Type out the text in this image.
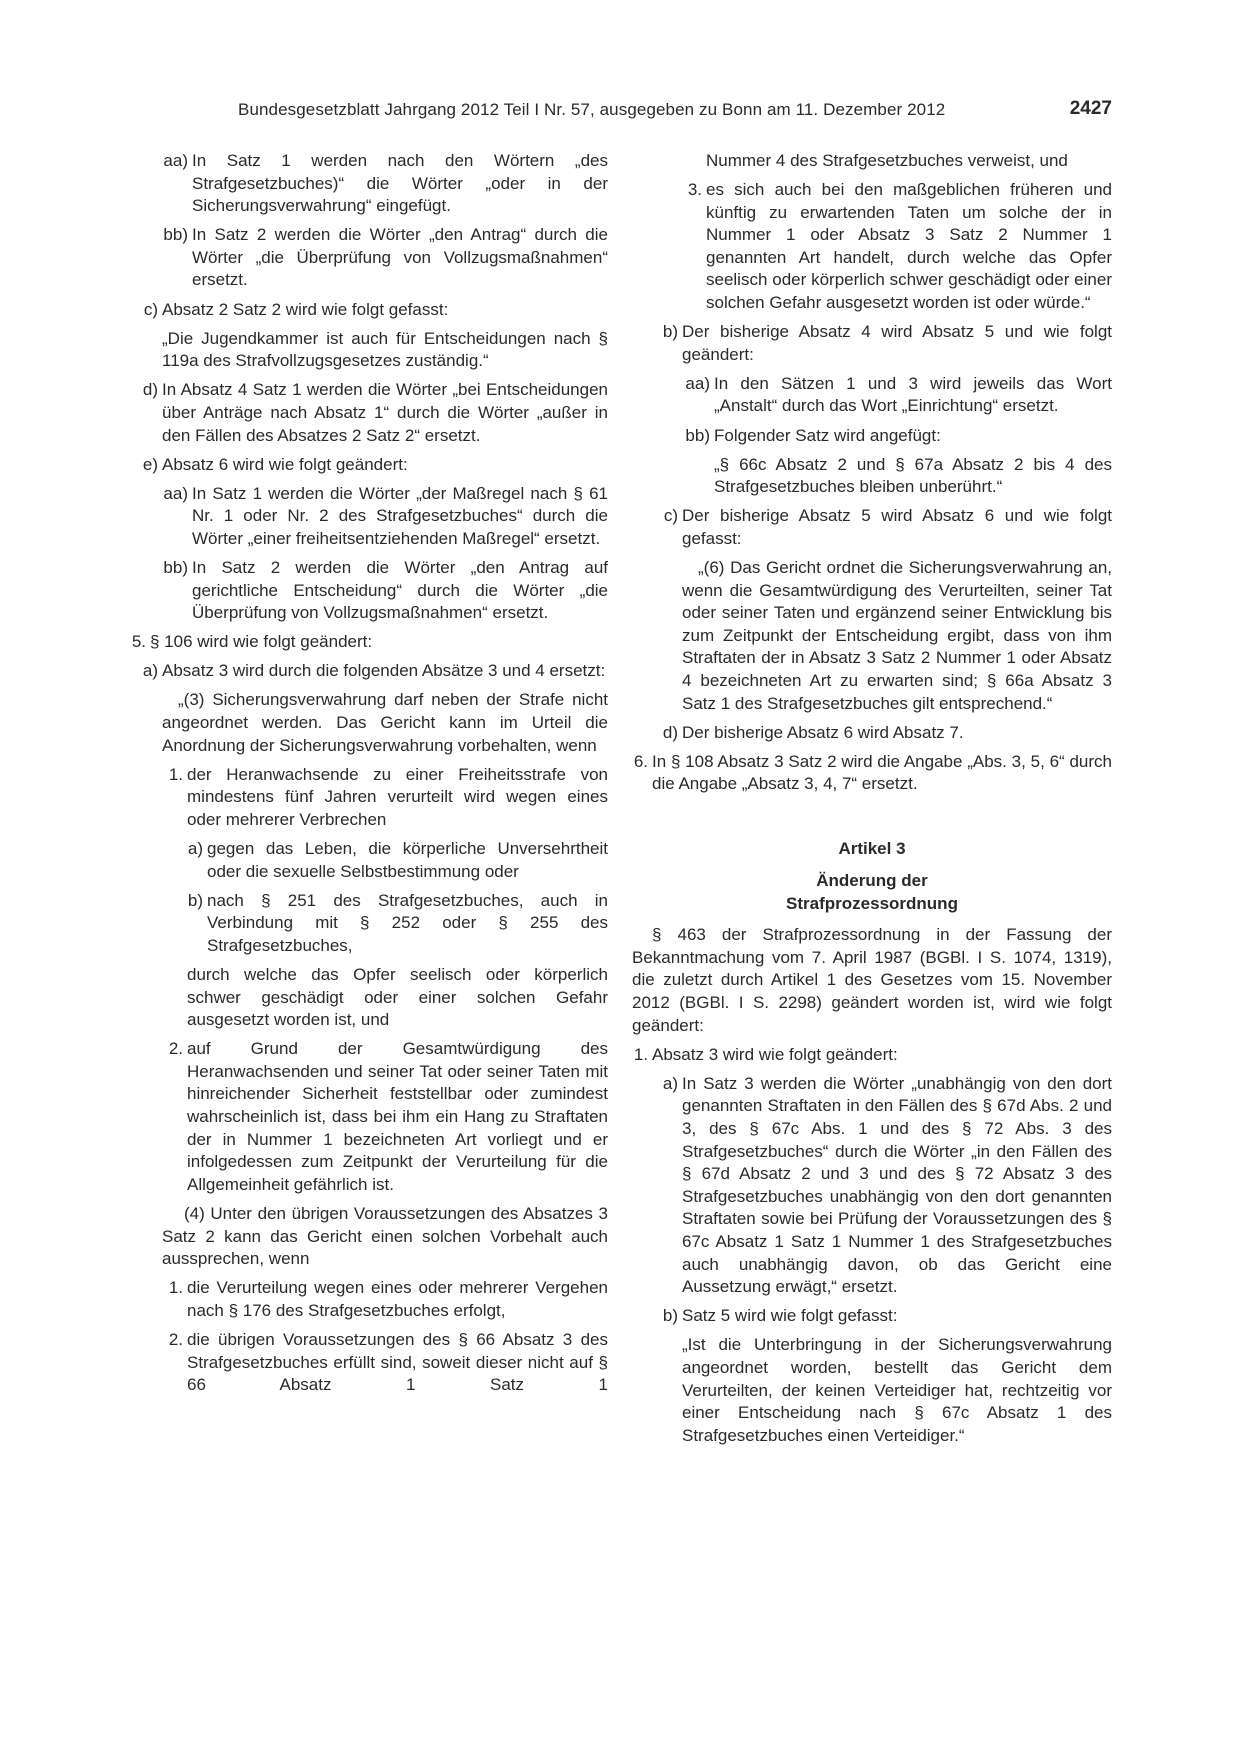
Bundesgesetzblatt Jahrgang 2012 Teil I Nr. 57, ausgegeben zu Bonn am 11. Dezember 2012	2427
aa) In Satz 1 werden nach den Wörtern „des Strafgesetzbuches)“ die Wörter „oder in der Sicherungsverwahrung“ eingefügt.
bb) In Satz 2 werden die Wörter „den Antrag“ durch die Wörter „die Überprüfung von Vollzugsmaßnahmen“ ersetzt.
c) Absatz 2 Satz 2 wird wie folgt gefasst:
„Die Jugendkammer ist auch für Entscheidungen nach § 119a des Strafvollzugsgesetzes zuständig.“
d) In Absatz 4 Satz 1 werden die Wörter „bei Entscheidungen über Anträge nach Absatz 1“ durch die Wörter „außer in den Fällen des Absatzes 2 Satz 2“ ersetzt.
e) Absatz 6 wird wie folgt geändert:
aa) In Satz 1 werden die Wörter „der Maßregel nach § 61 Nr. 1 oder Nr. 2 des Strafgesetzbuches“ durch die Wörter „einer freiheitsentziehenden Maßregel“ ersetzt.
bb) In Satz 2 werden die Wörter „den Antrag auf gerichtliche Entscheidung“ durch die Wörter „die Überprüfung von Vollzugsmaßnahmen“ ersetzt.
5. § 106 wird wie folgt geändert:
a) Absatz 3 wird durch die folgenden Absätze 3 und 4 ersetzt:
„(3) Sicherungsverwahrung darf neben der Strafe nicht angeordnet werden. Das Gericht kann im Urteil die Anordnung der Sicherungsverwahrung vorbehalten, wenn
1. der Heranwachsende zu einer Freiheitsstrafe von mindestens fünf Jahren verurteilt wird wegen eines oder mehrerer Verbrechen
a) gegen das Leben, die körperliche Unversehrtheit oder die sexuelle Selbstbestimmung oder
b) nach § 251 des Strafgesetzbuches, auch in Verbindung mit § 252 oder § 255 des Strafgesetzbuches,
durch welche das Opfer seelisch oder körperlich schwer geschädigt oder einer solchen Gefahr ausgesetzt worden ist, und
2. auf Grund der Gesamtwürdigung des Heranwachsenden und seiner Tat oder seiner Taten mit hinreichender Sicherheit feststellbar oder zumindest wahrscheinlich ist, dass bei ihm ein Hang zu Straftaten der in Nummer 1 bezeichneten Art vorliegt und er infolgedessen zum Zeitpunkt der Verurteilung für die Allgemeinheit gefährlich ist.
(4) Unter den übrigen Voraussetzungen des Absatzes 3 Satz 2 kann das Gericht einen solchen Vorbehalt auch aussprechen, wenn
1. die Verurteilung wegen eines oder mehrerer Vergehen nach § 176 des Strafgesetzbuches erfolgt,
2. die übrigen Voraussetzungen des § 66 Absatz 3 des Strafgesetzbuches erfüllt sind, soweit dieser nicht auf § 66 Absatz 1 Satz 1
Nummer 4 des Strafgesetzbuches verweist, und
3. es sich auch bei den maßgeblichen früheren und künftig zu erwartenden Taten um solche der in Nummer 1 oder Absatz 3 Satz 2 Nummer 1 genannten Art handelt, durch welche das Opfer seelisch oder körperlich schwer geschädigt oder einer solchen Gefahr ausgesetzt worden ist oder würde.“
b) Der bisherige Absatz 4 wird Absatz 5 und wie folgt geändert:
aa) In den Sätzen 1 und 3 wird jeweils das Wort „Anstalt“ durch das Wort „Einrichtung“ ersetzt.
bb) Folgender Satz wird angefügt:
„§ 66c Absatz 2 und § 67a Absatz 2 bis 4 des Strafgesetzbuches bleiben unberührt.“
c) Der bisherige Absatz 5 wird Absatz 6 und wie folgt gefasst:
„(6) Das Gericht ordnet die Sicherungsverwahrung an, wenn die Gesamtwürdigung des Verurteilten, seiner Tat oder seiner Taten und ergänzend seiner Entwicklung bis zum Zeitpunkt der Entscheidung ergibt, dass von ihm Straftaten der in Absatz 3 Satz 2 Nummer 1 oder Absatz 4 bezeichneten Art zu erwarten sind; § 66a Absatz 3 Satz 1 des Strafgesetzbuches gilt entsprechend.“
d) Der bisherige Absatz 6 wird Absatz 7.
6. In § 108 Absatz 3 Satz 2 wird die Angabe „Abs. 3, 5, 6“ durch die Angabe „Absatz 3, 4, 7“ ersetzt.

Artikel 3

Änderung der

Strafprozessordnung

§ 463 der Strafprozessordnung in der Fassung der Bekanntmachung vom 7. April 1987 (BGBl. I S. 1074, 1319), die zuletzt durch Artikel 1 des Gesetzes vom 15. November 2012 (BGBl. I S. 2298) geändert worden ist, wird wie folgt geändert:
1. Absatz 3 wird wie folgt geändert:
a) In Satz 3 werden die Wörter „unabhängig von den dort genannten Straftaten in den Fällen des § 67d Abs. 2 und 3, des § 67c Abs. 1 und des § 72 Abs. 3 des Strafgesetzbuches“ durch die Wörter „in den Fällen des § 67d Absatz 2 und 3 und des § 72 Absatz 3 des Strafgesetzbuches unabhängig von den dort genannten Straftaten sowie bei Prüfung der Voraussetzungen des § 67c Absatz 1 Satz 1 Nummer 1 des Strafgesetzbuches auch unabhängig davon, ob das Gericht eine Aussetzung erwägt,“ ersetzt.
b) Satz 5 wird wie folgt gefasst:
„Ist die Unterbringung in der Sicherungsverwahrung angeordnet worden, bestellt das Gericht dem Verurteilten, der keinen Verteidiger hat, rechtzeitig vor einer Entscheidung nach § 67c Absatz 1 des Strafgesetzbuches einen Verteidiger.“
